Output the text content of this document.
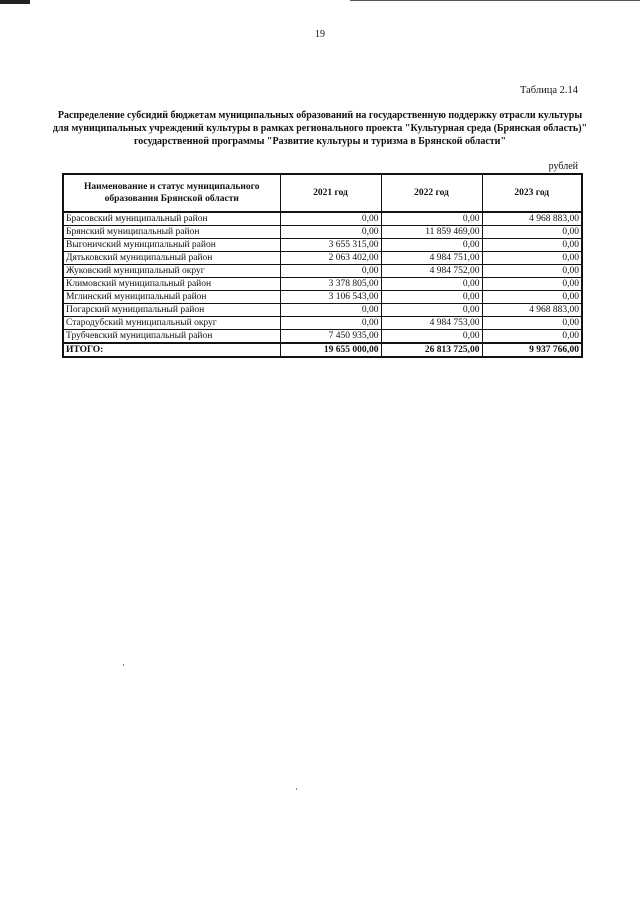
19
Таблица 2.14
Распределение субсидий бюджетам муниципальных образований на государственную поддержку отрасли культуры для муниципальных учреждений культуры в рамках регионального проекта "Культурная среда (Брянская область)" государственной программы "Развитие культуры и туризма в Брянской области"
рублей
Наименование и статус муниципального образования Брянской области	2021 год	2022 год	2023 год
Брасовский муниципальный район	0,00	0,00	4 968 883,00
Брянский муниципальный район	0,00	11 859 469,00	0,00
Выгоничский муниципальный район	3 655 315,00	0,00	0,00
Дятьковский муниципальный район	2 063 402,00	4 984 751,00	0,00
Жуковский муниципальный округ	0,00	4 984 752,00	0,00
Климовский муниципальный район	3 378 805,00	0,00	0,00
Мглинский муниципальный район	3 106 543,00	0,00	0,00
Погарский муниципальный район	0,00	0,00	4 968 883,00
Стародубский муниципальный округ	0,00	4 984 753,00	0,00
Трубчевский муниципальный район	7 450 935,00	0,00	0,00
ИТОГО:	19 655 000,00	26 813 725,00	9 937 766,00
